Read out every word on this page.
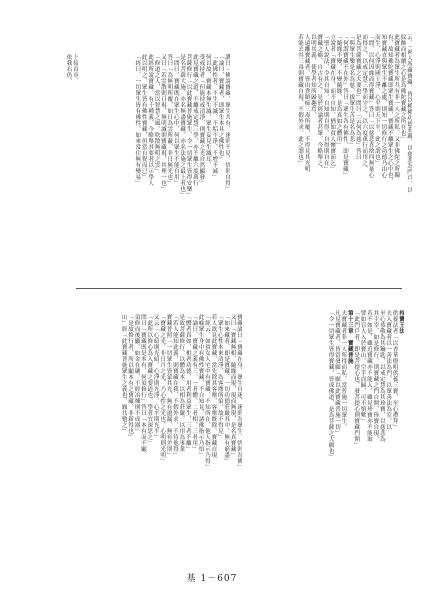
云、「神人所藏寶藏、皆以種種功德莊嚴、以慈悲為門戶、以
紋飾而相續之心是為佛陀寶藏之所在也」
此寶藏者為眾生所共有非一人之所私、又非佛陀之所獨
有、故知佛陀寶藏即眾生寶藏、寶藏不離眾生之心中也、
知寶藏直與眾生不離之處、則知一切修行之功德乃由心
而生、心淨則國土淨、心平則天下平、此之謂也」
「問、以何因緣而得寶藏」答曰「以慈悲喜捨四無量心
而得之、以戒定慧三學而守之、以六度萬行而用之、
是為菩薩寶藏之大要也」問曰「云何為慈」答曰
「與眾生樂是名為慈、拔眾生苦是名為悲」
「何謂寶藏不在外」答曰「眾生各有佛性、即是寶藏」
「隨緣不變、不變隨緣、是為真如之體用」
立說者「寶藏在身、而不自知、猶如貧人懷寶而乞」
「聖人說法、令其自知、自知則自得、自得則自在」
寶藏之喻、自古有之、見於經論者甚眾、今略舉之、
以明其義、使學者知所歸趣焉、
人遠離寶藏者、皆由貪瞋痴三毒所覆、不得見其光明
若能去其三毒則寶藏自現、不假外求、此之謂也」
讚曰「佛說寶藏、眾生共有、迷則不見、悟則自得」
「論曰、寶藏者、即眾生本具之佛性也」
「此佛性者、不生不滅、不垢不淨、不增不減」
何以故、寶藏本無生滅、眾生妄見生滅耳、
受戒持者「但能持戒清淨、則寶藏之光自然顯發」
此見寶藏之道、不離戒定慧三學、亦不離六度萬行
菩薩修行「以此寶藏普施眾生、令一切眾生皆得安樂」
是名菩薩大施、亦名無盡寶藏、亦名法施之最上者也」
「問曰、寶藏既在眾生心中、何以眾生不能自用」
答曰「為無明所覆、如日為雲所蔽、非日無光也」
又曰「若雲散則日現、無明滅則寶藏現、其理一也」
「修道之人、當以智慧之風、吹散無明之雲」
此經所說寶藏、有十種義、今略舉其要者以示學人
此以明之、眾生皆有佛性寶藏、但當自覺而已」
「經曰、一切眾生皆有佛性、如來常住無有變易」
上接首章、
依我右仍、
持寶王法
供養法者「以香華燈明供養三寶、至心禮拜」
夫入寶藏者以一善法為門、以眾善法為室、以
至心恭敬為其鑰匙、以戒定慧為其珍寶、以慈悲為
其主宰、如是修行、則寶藏之門自開、珍寶自現、
若不如是、雖近寶藏亦不能入、雖見珍寶亦不能取
譬如盲人入於寶山、空手而歸、可不慎歟」
「此門戶者、即是菩提心也、發菩提心則寶藏門開」
第十三章　寶藏普施
夫寶藏者非一人所得而私、當普施一切眾生、
凡見寶藏者、皆當發願「願以此寶藏普施一切」
「令一切眾生皆得寶藏、皆成佛道、是為菩薩之大願也」
寶藏論曰「寶藏在身、眾生自迷、迷則為眾生、悟則為佛」
又曰「寶藏無相、隨緣而現、現而無現、是名真寶藏」
「如來藏者、即是寶藏、一切功德莊嚴其中、無有窮盡」
「眾生心性本來清淨、為客塵所染、故不得見」
若人欲見此寶藏、當先除其客塵、客塵既除、寶藏自現
「經云、如貧女人宅中有寶藏、不知所在、他人指示乃得」
此喻眾生身中有佛性寶藏、不自知見、諸佛指示乃悟」
「論曰、寶藏之義有三、一者體、二者相、三者用」
「體者真如、相者功德、用者利益眾生、三者不離」
是故菩薩修行、以體為本、以相為莊嚴、以用為事業
「若人能知此義、則寶藏在我、不假外求、不待他得」
寶藏普照「一切眾生皆蒙其光、無有遺漏、無有差別」
「寶藏之光、非日月之光、乃心性之光也、心明則光明」
又云「心暗則光暗、心淨則光淨、心平則光平」
「此所以修心為入寶藏之要道也、學者宜深思之」
問曰「寶藏既是本有、何須修行」答曰「本有而不顯、
須修而後顯、如金在礦、不經冶煉則不成器」
「是故修行者、所以顯本有之寶藏、非新得也」
山」經「此寶藏普施眾生之義也、願共勉之」
基 1－607
